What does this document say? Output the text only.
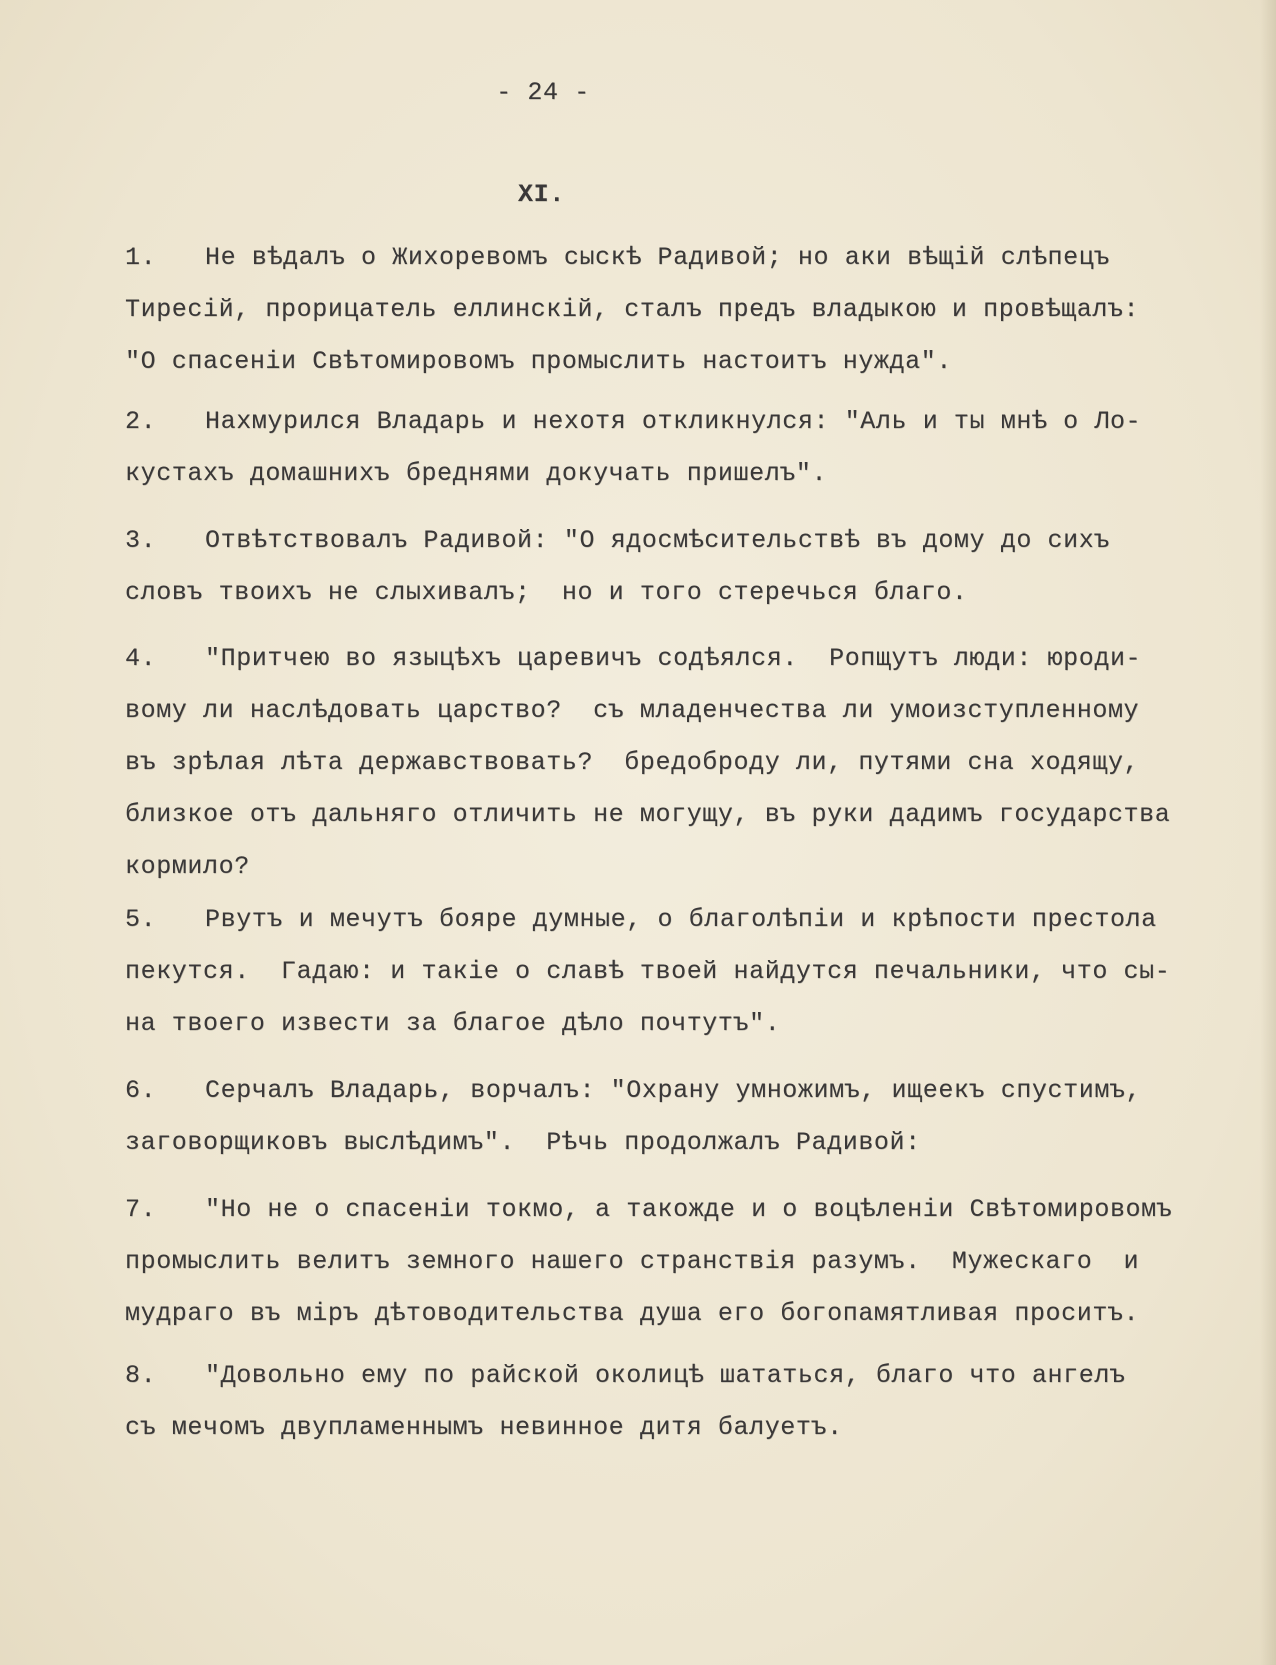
- 24 -
XI.
1. Не вѣдалъ о Жихоревомъ сыскѣ Радивой; но аки вѣщій слѣпецъ
Тиресій, прорицатель еллинскій, сталъ предъ владыкою и провѣщалъ:
"О спасеніи Свѣтомировомъ промыслить настоитъ нужда".
2. Нахмурился Владарь и нехотя откликнулся: "Аль и ты мнѣ о Ло-
кустахъ домашнихъ бреднями докучать пришелъ".
3. Отвѣтствовалъ Радивой: "О ядосмѣсительствѣ въ дому до сихъ
словъ твоихъ не слыхивалъ;  но и того стеречься благо.
4. "Притчею во языцѣхъ царевичъ содѣялся.  Ропщутъ люди: юроди-
вому ли наслѣдовать царство?  съ младенчества ли умоизступленному
въ зрѣлая лѣта державствовать?  бредоброду ли, путями сна ходящу,
близкое отъ дальняго отличить не могущу, въ руки дадимъ государства
кормило?
5. Рвутъ и мечутъ бояре думные, о благолѣпіи и крѣпости престола
пекутся.  Гадаю: и такіе о славѣ твоей найдутся печальники, что сы-
на твоего извести за благое дѣло почтутъ".
6. Серчалъ Владарь, ворчалъ: "Охрану умножимъ, ищеекъ спустимъ,
заговорщиковъ выслѣдимъ".  Рѣчь продолжалъ Радивой:
7. "Но не о спасеніи токмо, а такожде и о воцѣленіи Свѣтомировомъ
промыслить велитъ земного нашего странствія разумъ.  Мужескаго  и
мудраго въ міръ дѣтоводительства душа его богопамятливая проситъ.
8. "Довольно ему по райской околицѣ шататься, благо что ангелъ
съ мечомъ двупламеннымъ невинное дитя балуетъ.
